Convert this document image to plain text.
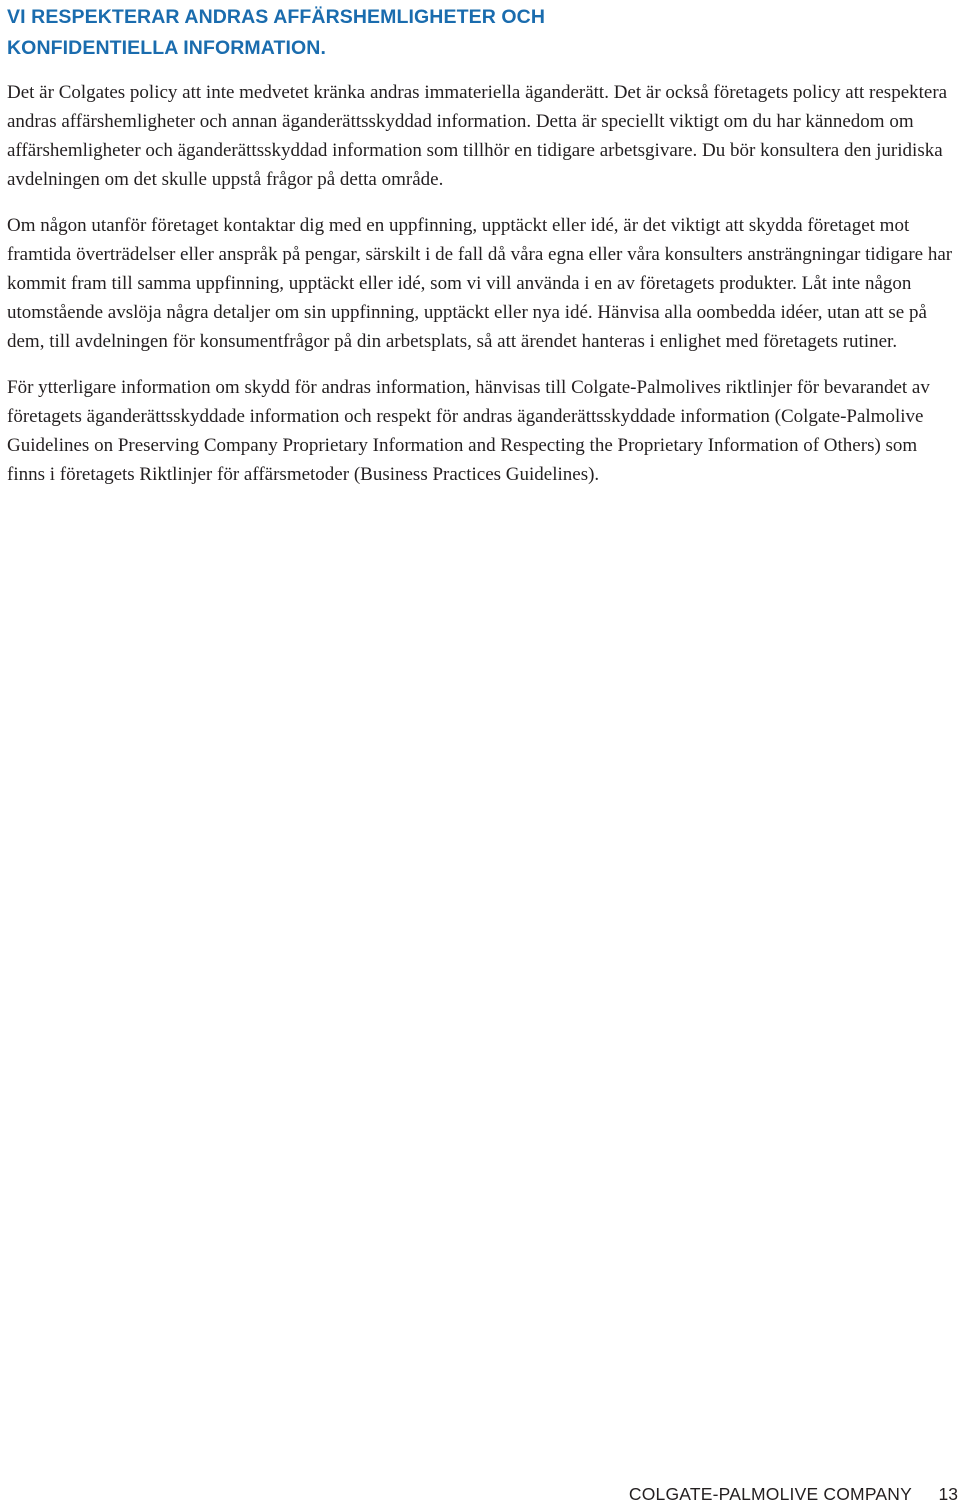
VI RESPEKTERAR ANDRAS AFFÄRSHEMLIGHETER OCH
KONFIDENTIELLA INFORMATION.

Det är Colgates policy att inte medvetet kränka andras immateriella äganderätt. Det är också företagets policy att respektera andras affärshemligheter och annan äganderättsskyddad information. Detta är speciellt viktigt om du har kännedom om affärshemligheter och äganderättsskyddad information som tillhör en tidigare arbetsgivare. Du bör konsultera den juridiska avdelningen om det skulle uppstå frågor på detta område.

Om någon utanför företaget kontaktar dig med en uppfinning, upptäckt eller idé, är det viktigt att skydda företaget mot framtida överträdelser eller anspråk på pengar, särskilt i de fall då våra egna eller våra konsulters ansträngningar tidigare har kommit fram till samma uppfinning, upptäckt eller idé, som vi vill använda i en av företagets produkter. Låt inte någon utomstående avslöja några detaljer om sin uppfinning, upptäckt eller nya idé. Hänvisa alla oombedda idéer, utan att se på dem, till avdelningen för konsumentfrågor på din arbetsplats, så att ärendet hanteras i enlighet med företagets rutiner.

För ytterligare information om skydd för andras information, hänvisas till Colgate-Palmolives riktlinjer för bevarandet av företagets äganderättsskyddade information och respekt för andras äganderättsskyddade information (Colgate-Palmolive Guidelines on Preserving Company Proprietary Information and Respecting the Proprietary Information of Others) som finns i företagets Riktlinjer för affärsmetoder (Business Practices Guidelines).

COLGATE-PALMOLIVE COMPANY 13
